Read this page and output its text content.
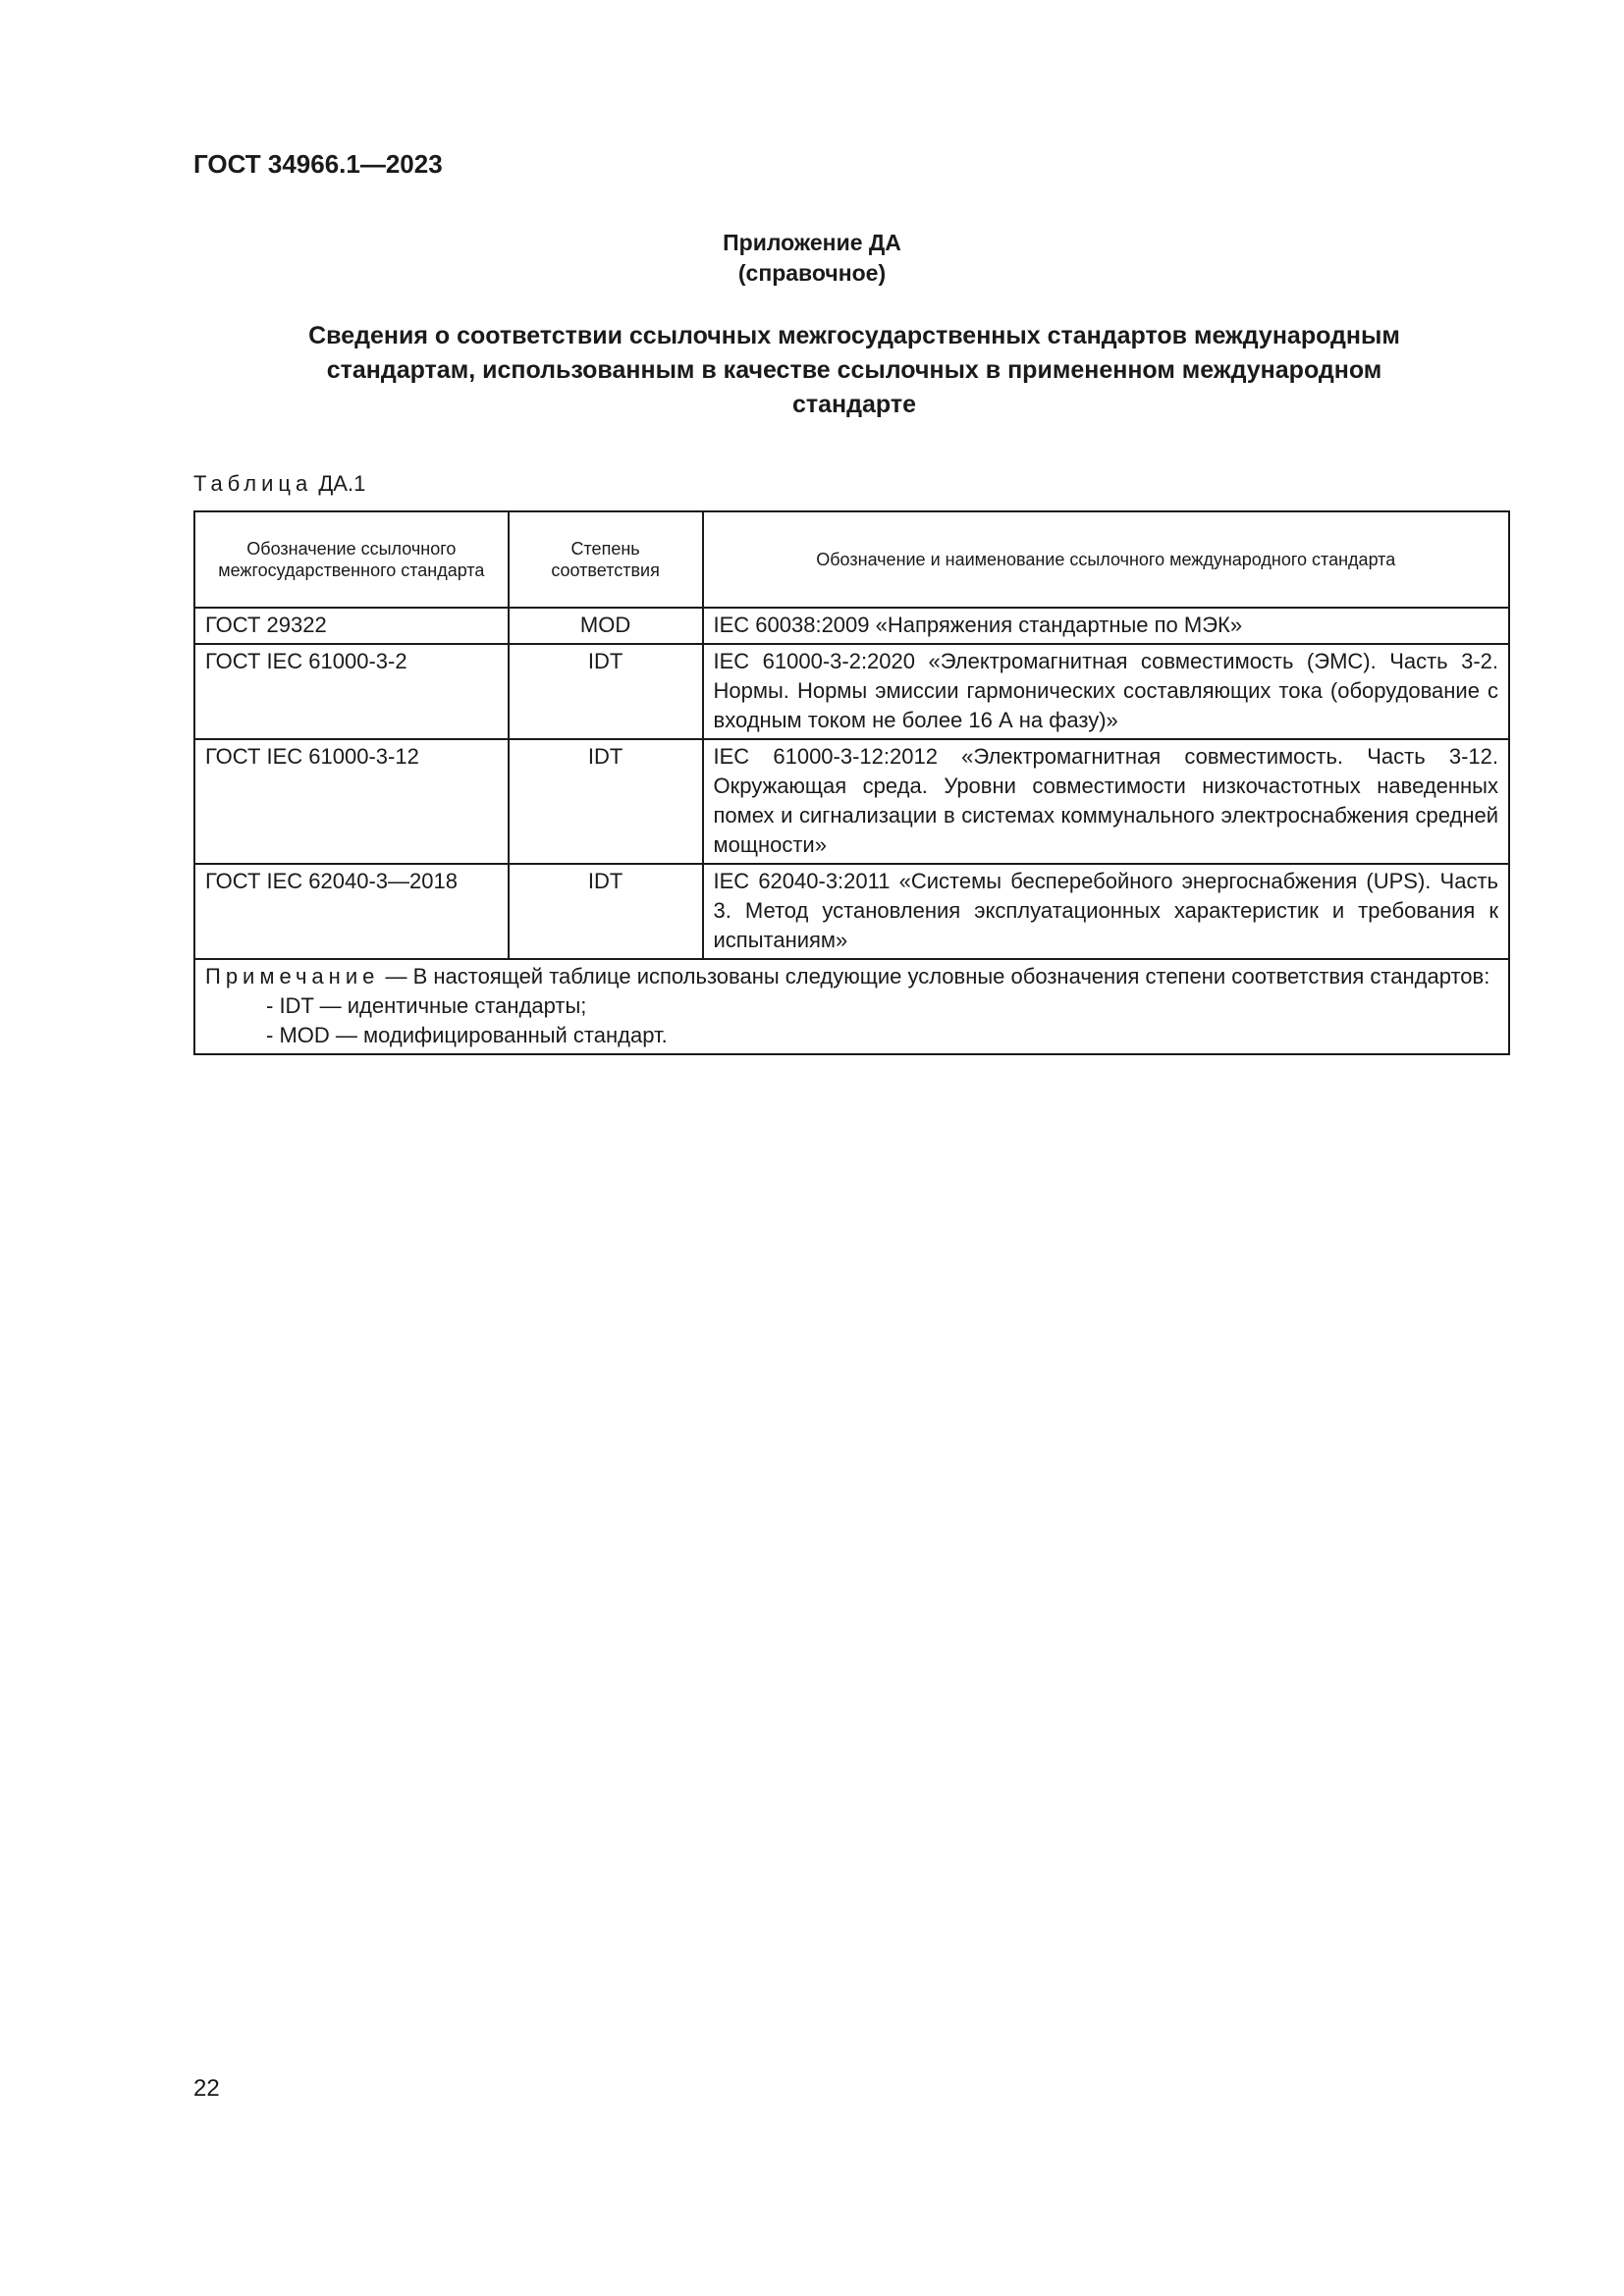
ГОСТ 34966.1—2023
Приложение ДА
(справочное)
Сведения о соответствии ссылочных межгосударственных стандартов международным
стандартам, использованным в качестве ссылочных в примененном международном
стандарте
Таблица ДА.1
Обозначение ссылочного межгосударственного стандарта	Степень соответствия	Обозначение и наименование ссылочного международного стандарта
ГОСТ 29322	MOD	IEC 60038:2009 «Напряжения стандартные по МЭК»
ГОСТ IEC 61000-3-2	IDT	IEC 61000-3-2:2020 «Электромагнитная совместимость (ЭМС). Часть 3-2. Нормы. Нормы эмиссии гармонических составляющих тока (оборудование с входным током не более 16 А на фазу)»
ГОСТ IEC 61000-3-12	IDT	IEC 61000-3-12:2012 «Электромагнитная совместимость. Часть 3-12. Окружающая среда. Уровни совместимости низкочастотных наведенных помех и сигнализации в системах коммунального электроснабжения средней мощности»
ГОСТ IEC 62040-3—2018	IDT	IEC 62040-3:2011 «Системы бесперебойного энергоснабжения (UPS). Часть 3. Метод установления эксплуатационных характеристик и требования к испытаниям»

Примечание — В настоящей таблице использованы следующие условные обозначения степени соответствия стандартов:
- IDT — идентичные стандарты;
- MOD — модифицированный стандарт.		
22
